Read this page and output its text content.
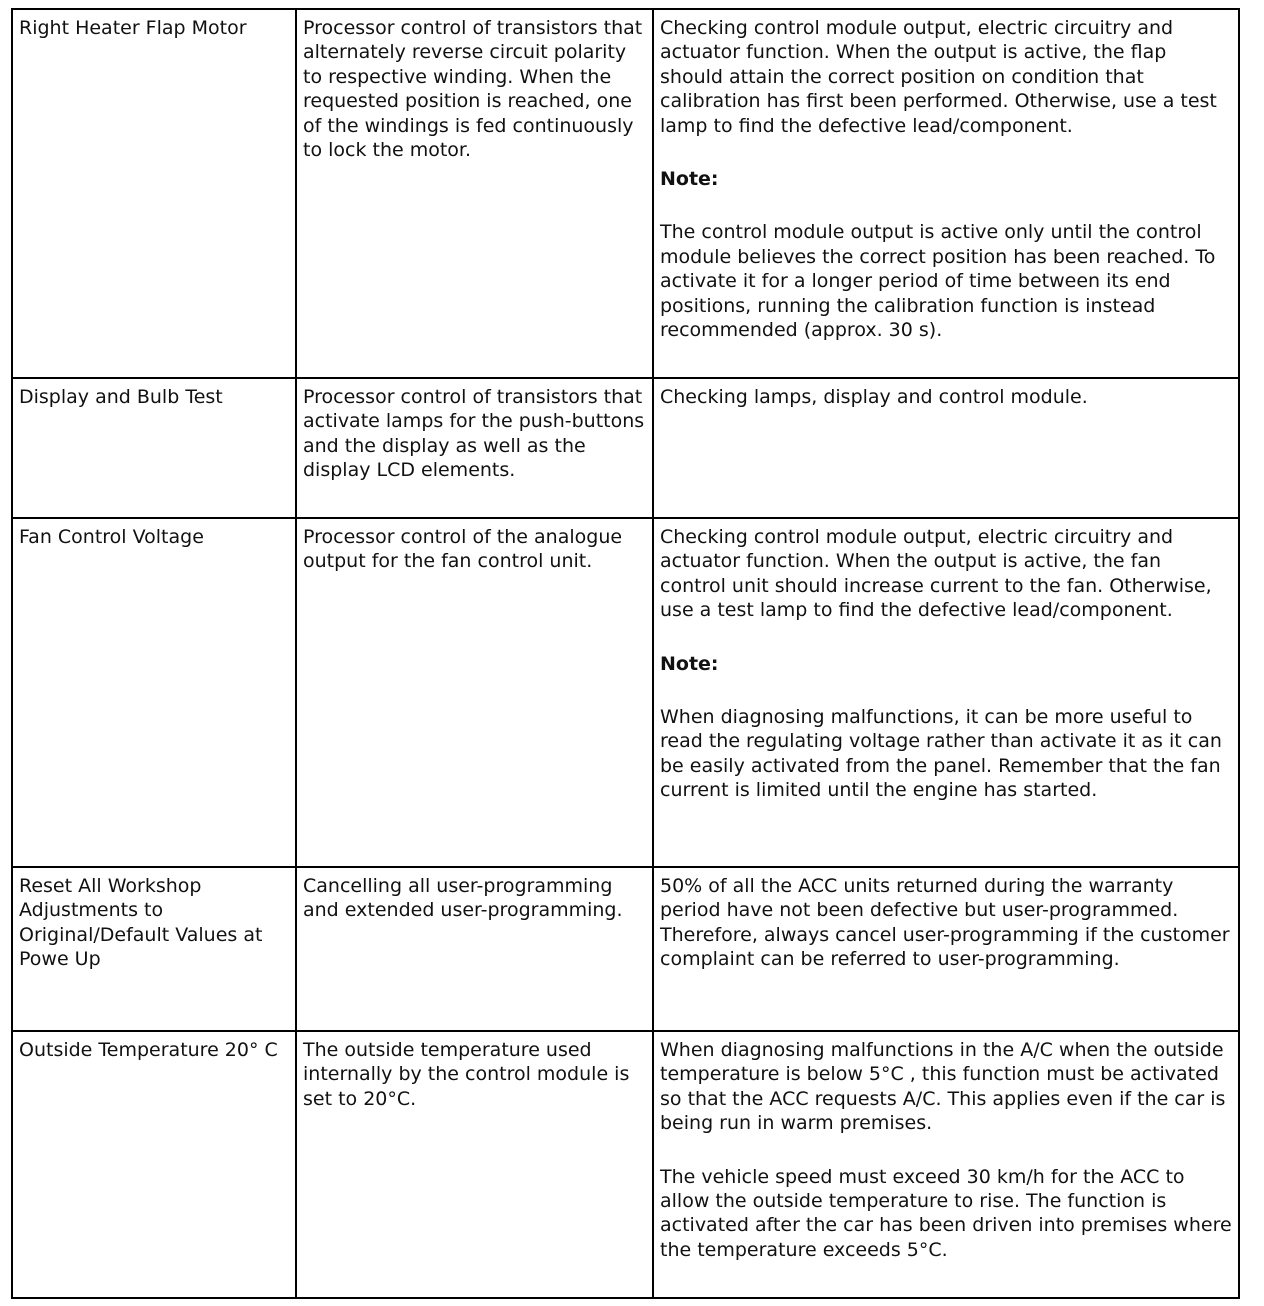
Right Heater Flap Motor	Processor control of transistors that alternately reverse circuit polarity to respective winding. When the requested position is reached, one of the windings is fed continuously to lock the motor.	Checking control module output, electric circuitry and actuator function. When the output is active, the flap should attain the correct position on condition that calibration has first been performed. Otherwise, use a test lamp to find the defective lead/component.

Note:

The control module output is active only until the control module believes the correct position has been reached. To activate it for a longer period of time between its end positions, running the calibration function is instead recommended (approx. 30 s).

Display and Bulb Test	Processor control of transistors that activate lamps for the push-buttons and the display as well as the display LCD elements.	Checking lamps, display and control module.

Fan Control Voltage	Processor control of the analogue output for the fan control unit.	Checking control module output, electric circuitry and actuator function. When the output is active, the fan control unit should increase current to the fan. Otherwise, use a test lamp to find the defective lead/component.

Note:

When diagnosing malfunctions, it can be more useful to read the regulating voltage rather than activate it as it can be easily activated from the panel. Remember that the fan current is limited until the engine has started.

Reset All Workshop Adjustments to Original/Default Values at Powe Up	Cancelling all user-programming and extended user-programming.	50% of all the ACC units returned during the warranty period have not been defective but user-programmed. Therefore, always cancel user-programming if the customer complaint can be referred to user-programming.

Outside Temperature 20° C	The outside temperature used internally by the control module is set to 20°C.	When diagnosing malfunctions in the A/C when the outside temperature is below 5°C , this function must be activated so that the ACC requests A/C. This applies even if the car is being run in warm premises.

The vehicle speed must exceed 30 km/h for the ACC to allow the outside temperature to rise. The function is activated after the car has been driven into premises where the temperature exceeds 5°C.
